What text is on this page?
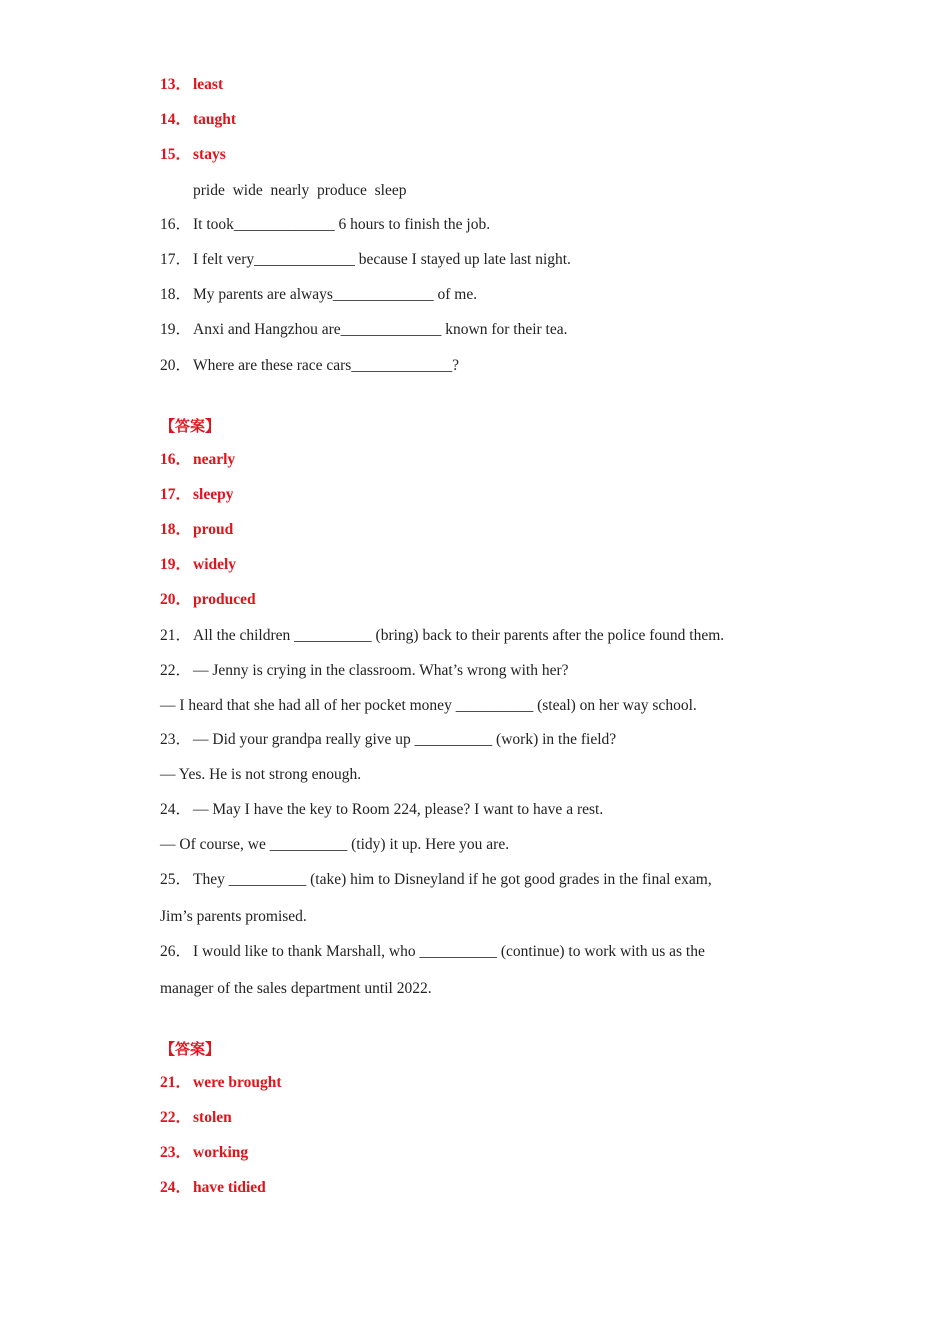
13． least
14． taught
15． stays
pride  wide  nearly  produce  sleep
16． It took_____________ 6 hours to finish the job.
17． I felt very_____________ because I stayed up late last night.
18． My parents are always_____________ of me.
19． Anxi and Hangzhou are_____________ known for their tea.
20． Where are these race cars_____________?
【答案】
16． nearly
17． sleepy
18． proud
19． widely
20． produced
21． All the children __________ (bring) back to their parents after the police found them.
22． — Jenny is crying in the classroom. What’s wrong with her?
— I heard that she had all of her pocket money __________ (steal) on her way school.
23． — Did your grandpa really give up __________ (work) in the field?
— Yes. He is not strong enough.
24． — May I have the key to Room 224, please? I want to have a rest.
— Of course, we __________ (tidy) it up. Here you are.
25． They __________ (take) him to Disneyland if he got good grades in the final exam,
Jim’s parents promised.
26． I would like to thank Marshall, who __________ (continue) to work with us as the
manager of the sales department until 2022.
【答案】
21． were brought
22． stolen
23． working
24． have tidied
